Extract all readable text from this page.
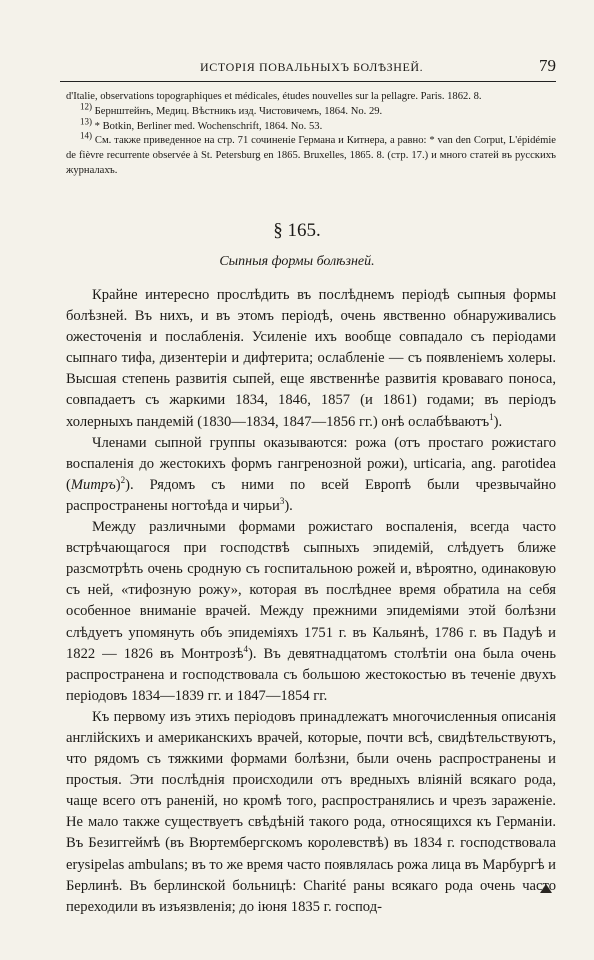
ИСТОРІЯ ПОВАЛЬНЫХЪ БОЛѢЗНЕЙ.	79

d'Italie, observations topographiques et médicales, études nouvelles sur la pellagre. Paris. 1862. 8.

$^{12)}$ Бернштейнъ, Медиц. Вѣстникъ изд. Чистовичемъ, 1864. No. 29.

$^{13)}$ * Botkin, Berliner med. Wochenschrift, 1864. No. 53.

$^{14)}$ См. также приведенное на стр. 71 сочиненіе Германа и Китнера, а равно: * van den Corput, L'épidémie de fièvre recurrente observée à St. Petersburg en 1865. Bruxelles, 1865. 8. (стр. 17.) и много статей въ русскихъ журналахъ.

§ 165.
Сыпныя формы болѣзней.

Крайне интересно прослѣдить въ послѣднемъ періодѣ сыпныя формы болѣзней. Въ нихъ, и въ этомъ періодѣ, очень явственно обнаруживались ожесточенія и послабленія. Усиленіе ихъ вообще совпадало съ періодами сыпнаго тифа, дизентеріи и дифтерита; ослабленіе — съ появленіемъ холеры. Высшая степень развитія сыпей, еще явственнѣе развитія кроваваго поноса, совпадаетъ съ жаркими 1834, 1846, 1857 (и 1861) годами; въ періодъ холерныхъ пандемій (1830—1834, 1847—1856 гг.) онѣ ослабѣваютъ$^1$).

Членами сыпной группы оказываются: рожа (отъ простаго рожистаго воспаленія до жестокихъ формъ гангренозной рожи), urticaria, ang. parotidea (Митръ)$^2$). Рядомъ съ ними по всей Европѣ были чрезвычайно распространены ногтоѣда и чирьи$^3$).

Между различными формами рожистаго воспаленія, всегда часто встрѣчающагося при господствѣ сыпныхъ эпидемій, слѣдуетъ ближе разсмотрѣть очень сродную съ госпитальною рожей и, вѣроятно, одинаковую съ ней, «тифозную рожу», которая въ послѣднее время обратила на себя особенное вниманіе врачей. Между прежними эпидеміями этой болѣзни слѣдуетъ упомянуть объ эпидеміяхъ 1751 г. въ Кальянѣ, 1786 г. въ Падуѣ и 1822 — 1826 въ Монтрозѣ$^4$). Въ девятнадцатомъ столѣтіи она была очень распространена и господствовала съ большою жестокостью въ теченіе двухъ періодовъ 1834—1839 гг. и 1847—1854 гг.

Къ первому изъ этихъ періодовъ принадлежатъ многочисленныя описанія англійскихъ и американскихъ врачей, которые, почти всѣ, свидѣтельствуютъ, что рядомъ съ тяжкими формами болѣзни, были очень распространены и простыя. Эти послѣднія происходили отъ вредныхъ вліяній всякаго рода, чаще всего отъ раненій, но кромѣ того, распространялись и чрезъ зараженіе. Не мало также существуетъ свѣдѣній такого рода, относящихся къ Германіи. Въ Безиггеймѣ (въ Вюртембергскомъ королевствѣ) въ 1834 г. господствовала erysipelas ambulans; въ то же время часто появлялась рожа лица въ Марбургѣ и Берлинѣ. Въ берлинской больницѣ: Charité раны всякаго рода очень часто переходили въ изъязвленія; до іюня 1835 г. господ-
